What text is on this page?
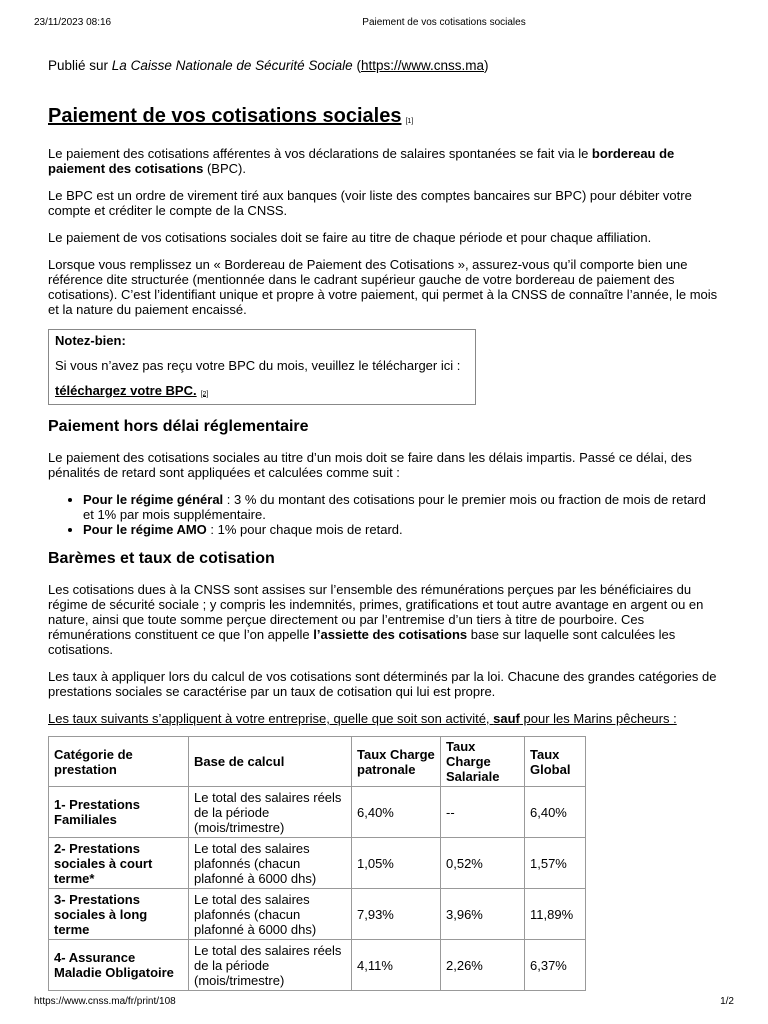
23/11/2023 08:16	Paiement de vos cotisations sociales

Publié sur La Caisse Nationale de Sécurité Sociale (https://www.cnss.ma)

Paiement de vos cotisations sociales [1]

Le paiement des cotisations afférentes à vos déclarations de salaires spontanées se fait via le bordereau de paiement des cotisations (BPC).

Le BPC est un ordre de virement tiré aux banques (voir liste des comptes bancaires sur BPC) pour débiter votre compte et créditer le compte de la CNSS.

Le paiement de vos cotisations sociales doit se faire au titre de chaque période et pour chaque affiliation.

Lorsque vous remplissez un « Bordereau de Paiement des Cotisations », assurez-vous qu’il comporte bien une référence dite structurée (mentionnée dans le cadrant supérieur gauche de votre bordereau de paiement des cotisations). C’est l’identifiant unique et propre à votre paiement, qui permet à la CNSS de connaître l’année, le mois et la nature du paiement encaissé.

Notez-bien:

Si vous n’avez pas reçu votre BPC du mois, veuillez le télécharger ici :

téléchargez votre BPC. [2]

Paiement hors délai réglementaire

Le paiement des cotisations sociales au titre d’un mois doit se faire dans les délais impartis. Passé ce délai, des pénalités de retard sont appliquées et calculées comme suit :

• Pour le régime général : 3 % du montant des cotisations pour le premier mois ou fraction de mois de retard et 1% par mois supplémentaire.
• Pour le régime AMO : 1% pour chaque mois de retard.
Barèmes et taux de cotisation

Les cotisations dues à la CNSS sont assises sur l’ensemble des rémunérations perçues par les bénéficiaires du régime de sécurité sociale ; y compris les indemnités, primes, gratifications et tout autre avantage en argent ou en nature, ainsi que toute somme perçue directement ou par l’entremise d’un tiers à titre de pourboire. Ces rémunérations constituent ce que l’on appelle l’assiette des cotisations base sur laquelle sont calculées les cotisations.

Les taux à appliquer lors du calcul de vos cotisations sont déterminés par la loi. Chacune des grandes catégories de prestations sociales se caractérise par un taux de cotisation qui lui est propre.

Les taux suivants s’appliquent à votre entreprise, quelle que soit son activité, sauf pour les Marins pêcheurs :

Catégorie de prestation	Base de calcul	Taux Charge patronale	Taux Charge Salariale	Taux Global
1- Prestations Familiales	Le total des salaires réels de la période (mois/trimestre)	6,40%	--	6,40%
2- Prestations sociales à court terme*	Le total des salaires plafonnés (chacun plafonné à 6000 dhs)	1,05%	0,52%	1,57%
3- Prestations sociales à long terme	Le total des salaires plafonnés (chacun plafonné à 6000 dhs)	7,93%	3,96%	11,89%
4- Assurance Maladie Obligatoire	Le total des salaires réels de la période (mois/trimestre)	4,11%	2,26%	6,37%
https://www.cnss.ma/fr/print/108	1/2
